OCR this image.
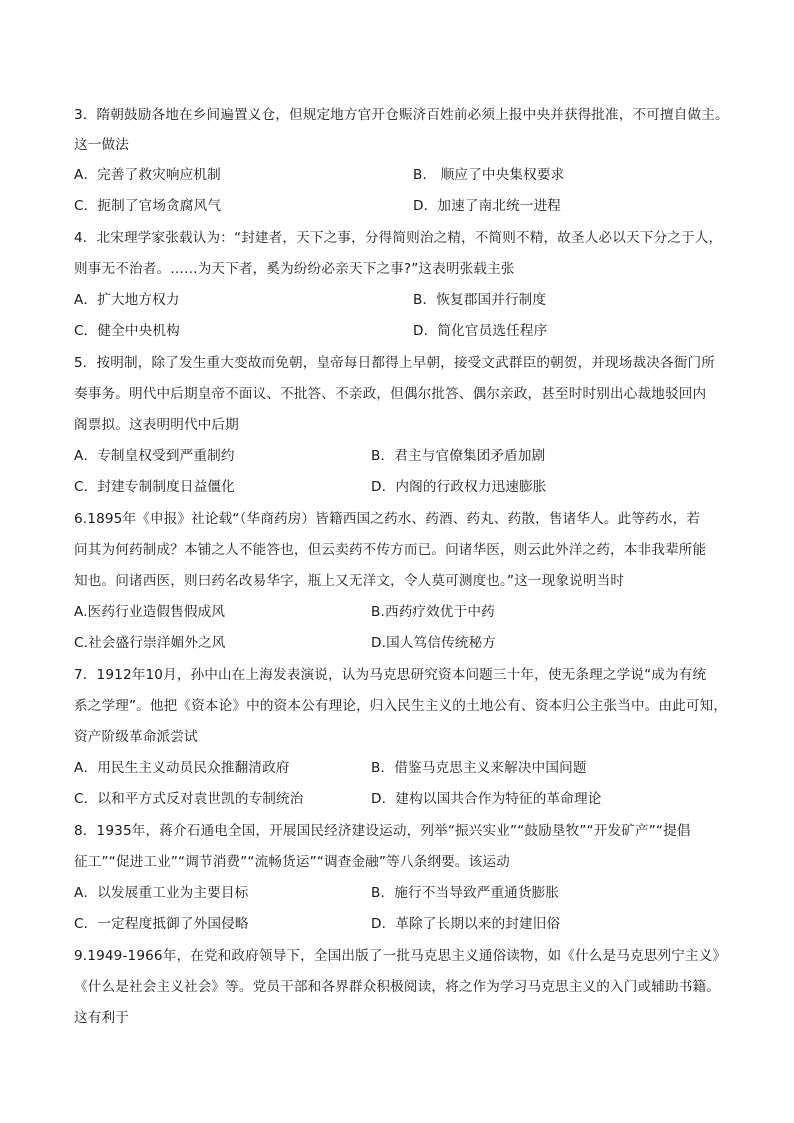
3．隋朝鼓励各地在乡间遍置义仓，但规定地方官开仓赈济百姓前必须上报中央并获得批准，不可擅自做主。
这一做法
A．完善了救灾响应机制	B． 顺应了中央集权要求
C．扼制了官场贪腐风气	D．加速了南北统一进程
4．北宋理学家张载认为：“封建者，天下之事，分得简则治之精，不简则不精，故圣人必以天下分之于人，
则事无不治者。……为天下者，奚为纷纷必亲天下之事?”这表明张载主张
A．扩大地方权力	B．恢复郡国并行制度
C．健全中央机构	D．简化官员选任程序
5．按明制，除了发生重大变故而免朝，皇帝每日都得上早朝，接受文武群臣的朝贺，并现场裁决各衙门所
奏事务。明代中后期皇帝不面议、不批答、不亲政，但偶尔批答、偶尔亲政，甚至时时别出心裁地驳回内
阁票拟。这表明明代中后期
A．专制皇权受到严重制约	B．君主与官僚集团矛盾加剧
C．封建专制制度日益僵化	D．内阁的行政权力迅速膨胀
6.1895年《申报》社论载“（华商药房）皆籍西国之药水、药酒、药丸、药散，售诸华人。此等药水，若
问其为何药制成？本铺之人不能答也，但云卖药不传方而已。问诸华医，则云此外洋之药，本非我辈所能
知也。问诸西医，则曰药名改易华字，瓶上又无洋文，令人莫可测度也。”这一现象说明当时
A.医药行业造假售假成风	B.西药疗效优于中药
C.社会盛行崇洋媚外之风	D.国人笃信传统秘方
7．1912年10月，孙中山在上海发表演说，认为马克思研究资本问题三十年，使无条理之学说“成为有统
系之学理”。他把《资本论》中的资本公有理论，归入民生主义的土地公有、资本归公主张当中。由此可知，
资产阶级革命派尝试
A．用民生主义动员民众推翻清政府	B．借鉴马克思主义来解决中国问题
C．以和平方式反对袁世凯的专制统治	D．建构以国共合作为特征的革命理论
8．1935年，蒋介石通电全国，开展国民经济建设运动，列举“振兴实业”“鼓励垦牧”“开发矿产”“提倡
征工”“促进工业”“调节消费”“流畅货运”“调查金融”等八条纲要。该运动
A．以发展重工业为主要目标	B．施行不当导致严重通货膨胀
C．一定程度抵御了外国侵略	D．革除了长期以来的封建旧俗
9.1949-1966年，在党和政府领导下，全国出版了一批马克思主义通俗读物，如《什么是马克思列宁主义》
《什么是社会主义社会》等。党员干部和各界群众积极阅读，将之作为学习马克思主义的入门或辅助书籍。
这有利于
